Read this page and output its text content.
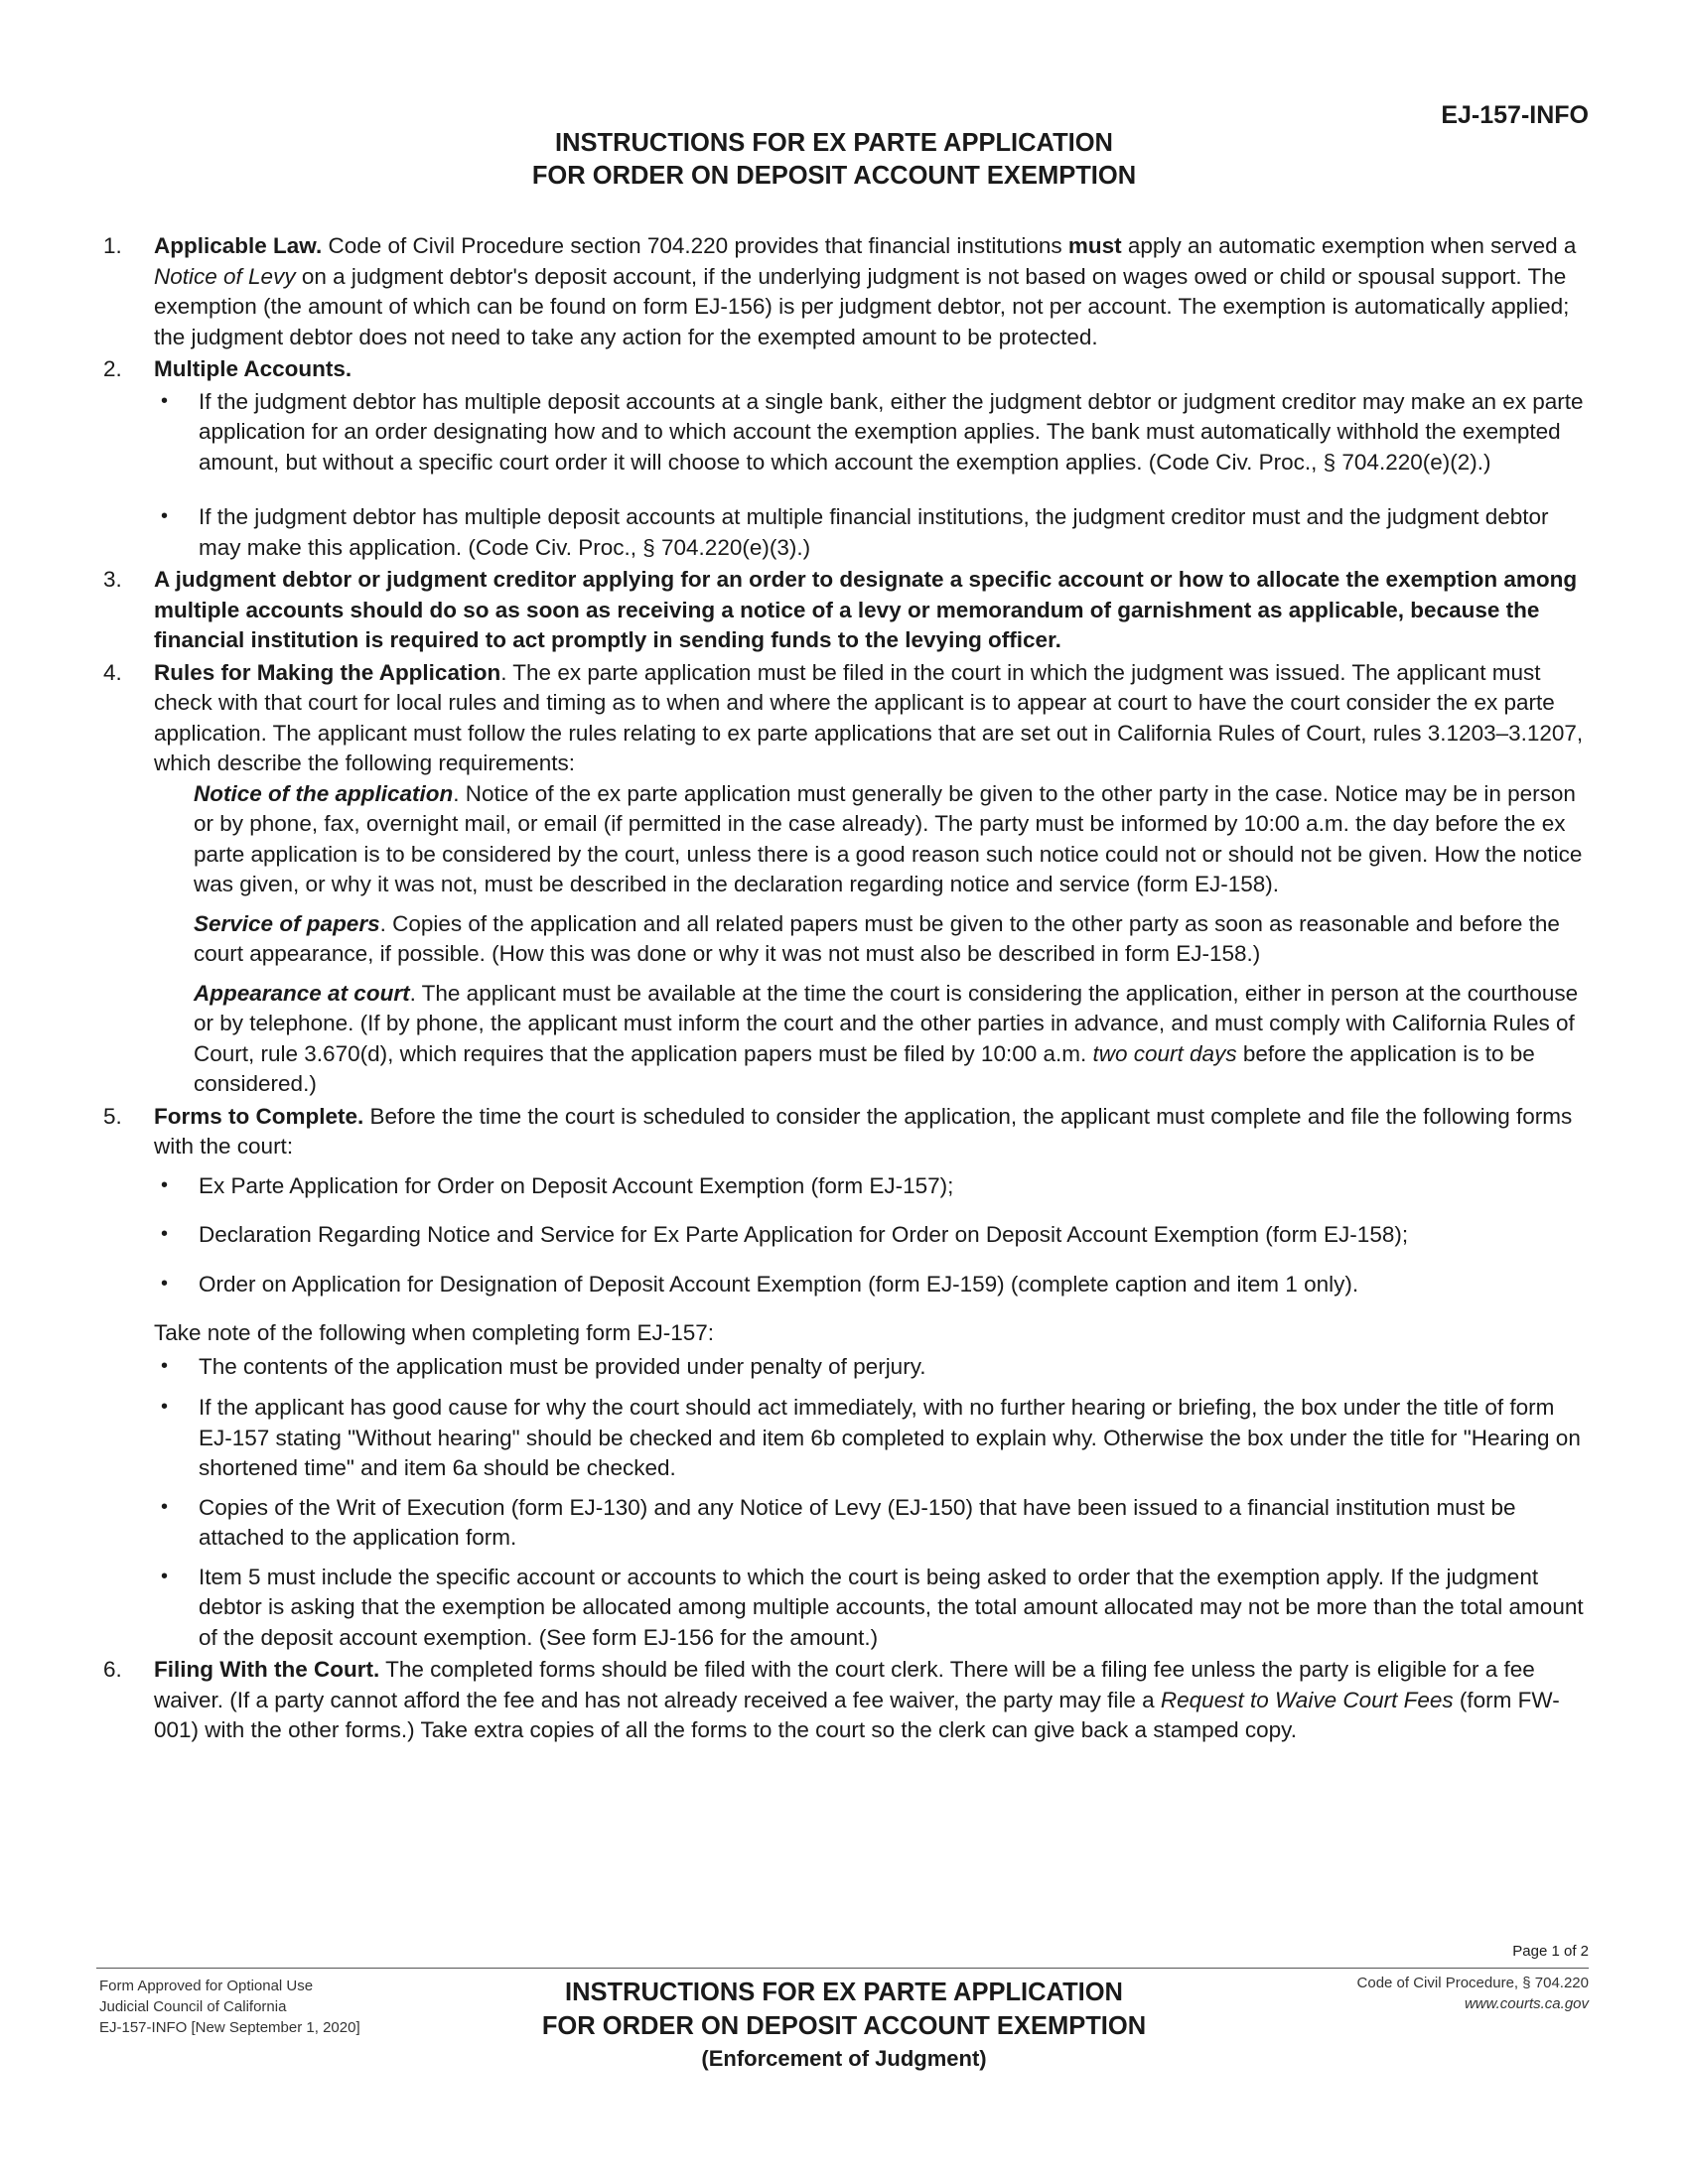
EJ-157-INFO
INSTRUCTIONS FOR EX PARTE APPLICATION
FOR ORDER ON DEPOSIT ACCOUNT EXEMPTION
1. Applicable Law. Code of Civil Procedure section 704.220 provides that financial institutions must apply an automatic exemption when served a Notice of Levy on a judgment debtor's deposit account, if the underlying judgment is not based on wages owed or child or spousal support. The exemption (the amount of which can be found on form EJ-156) is per judgment debtor, not per account. The exemption is automatically applied; the judgment debtor does not need to take any action for the exempted amount to be protected.
2. Multiple Accounts.
• If the judgment debtor has multiple deposit accounts at a single bank, either the judgment debtor or judgment creditor may make an ex parte application for an order designating how and to which account the exemption applies. The bank must automatically withhold the exempted amount, but without a specific court order it will choose to which account the exemption applies. (Code Civ. Proc., § 704.220(e)(2).)
• If the judgment debtor has multiple deposit accounts at multiple financial institutions, the judgment creditor must and the judgment debtor may make this application. (Code Civ. Proc., § 704.220(e)(3).)
3. A judgment debtor or judgment creditor applying for an order to designate a specific account or how to allocate the exemption among multiple accounts should do so as soon as receiving a notice of a levy or memorandum of garnishment as applicable, because the financial institution is required to act promptly in sending funds to the levying officer.
4. Rules for Making the Application. The ex parte application must be filed in the court in which the judgment was issued. The applicant must check with that court for local rules and timing as to when and where the applicant is to appear at court to have the court consider the ex parte application. The applicant must follow the rules relating to ex parte applications that are set out in California Rules of Court, rules 3.1203–3.1207, which describe the following requirements:
Notice of the application. Notice of the ex parte application must generally be given to the other party in the case. Notice may be in person or by phone, fax, overnight mail, or email (if permitted in the case already). The party must be informed by 10:00 a.m. the day before the ex parte application is to be considered by the court, unless there is a good reason such notice could not or should not be given. How the notice was given, or why it was not, must be described in the declaration regarding notice and service (form EJ-158).
Service of papers. Copies of the application and all related papers must be given to the other party as soon as reasonable and before the court appearance, if possible. (How this was done or why it was not must also be described in form EJ-158.)
Appearance at court. The applicant must be available at the time the court is considering the application, either in person at the courthouse or by telephone. (If by phone, the applicant must inform the court and the other parties in advance, and must comply with California Rules of Court, rule 3.670(d), which requires that the application papers must be filed by 10:00 a.m. two court days before the application is to be considered.)
5. Forms to Complete. Before the time the court is scheduled to consider the application, the applicant must complete and file the following forms with the court:
• Ex Parte Application for Order on Deposit Account Exemption (form EJ-157);
• Declaration Regarding Notice and Service for Ex Parte Application for Order on Deposit Account Exemption (form EJ-158);
• Order on Application for Designation of Deposit Account Exemption (form EJ-159) (complete caption and item 1 only).
Take note of the following when completing form EJ-157:
• The contents of the application must be provided under penalty of perjury.
• If the applicant has good cause for why the court should act immediately, with no further hearing or briefing, the box under the title of form EJ-157 stating "Without hearing" should be checked and item 6b completed to explain why. Otherwise the box under the title for "Hearing on shortened time" and item 6a should be checked.
• Copies of the Writ of Execution (form EJ-130) and any Notice of Levy (EJ-150) that have been issued to a financial institution must be attached to the application form.
• Item 5 must include the specific account or accounts to which the court is being asked to order that the exemption apply. If the judgment debtor is asking that the exemption be allocated among multiple accounts, the total amount allocated may not be more than the total amount of the deposit account exemption. (See form EJ-156 for the amount.)
6. Filing With the Court. The completed forms should be filed with the court clerk. There will be a filing fee unless the party is eligible for a fee waiver. (If a party cannot afford the fee and has not already received a fee waiver, the party may file a Request to Waive Court Fees (form FW-001) with the other forms.) Take extra copies of all the forms to the court so the clerk can give back a stamped copy.
Page 1 of 2
Form Approved for Optional Use
Judicial Council of California
EJ-157-INFO [New September 1, 2020]
INSTRUCTIONS FOR EX PARTE APPLICATION
FOR ORDER ON DEPOSIT ACCOUNT EXEMPTION
(Enforcement of Judgment)
Code of Civil Procedure, § 704.220
www.courts.ca.gov
